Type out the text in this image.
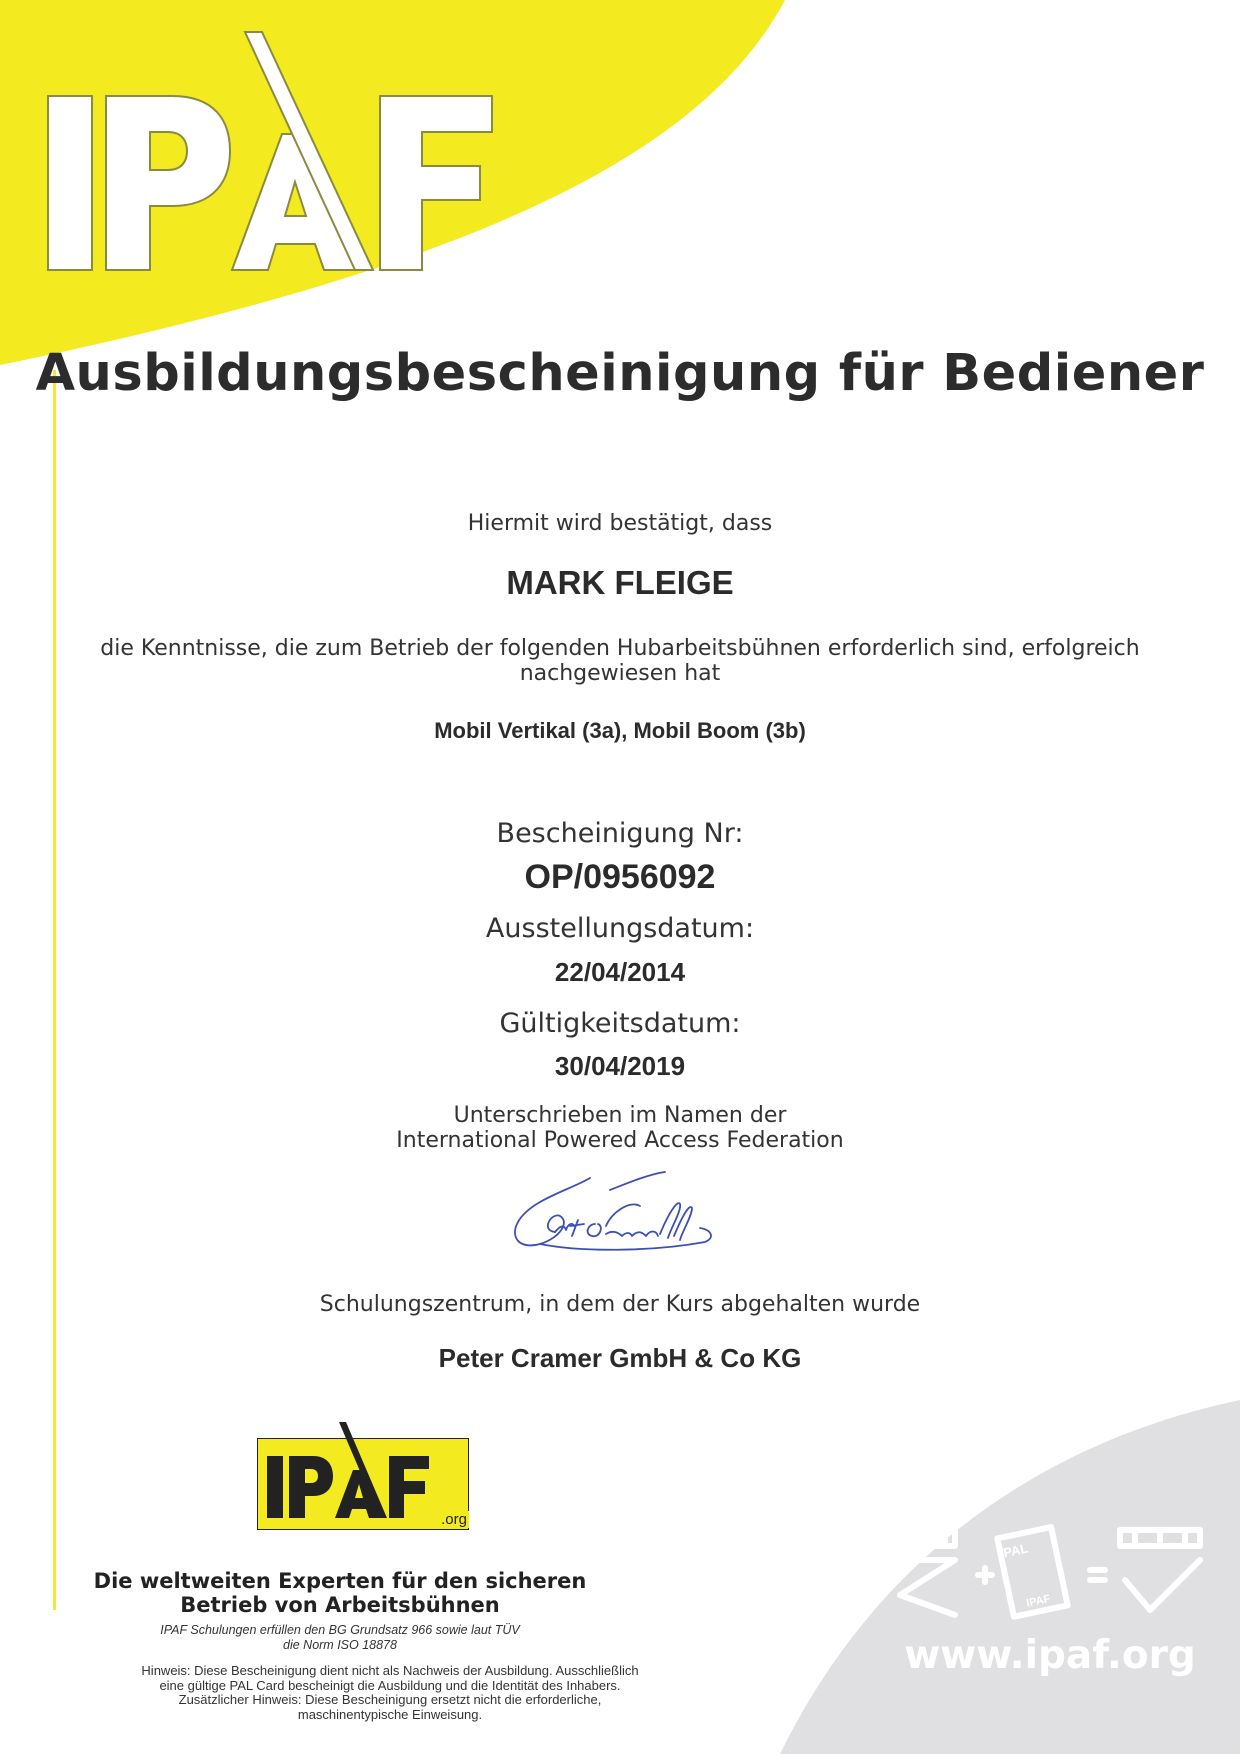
PAL
IPAF
Ausbildungsbescheinigung für Bediener
Hiermit wird bestätigt, dass
MARK FLEIGE
die Kenntnisse, die zum Betrieb der folgenden Hubarbeitsbühnen erforderlich sind, erfolgreich nachgewiesen hat
Mobil Vertikal (3a), Mobil Boom (3b)
Bescheinigung Nr:
OP/0956092
Ausstellungsdatum:
22/04/2014
Gültigkeitsdatum:
30/04/2019
Unterschrieben im Namen der
International Powered Access Federation
Schulungszentrum, in dem der Kurs abgehalten wurde
Peter Cramer GmbH & Co KG
.org
Die weltweiten Experten für den sicheren
Betrieb von Arbeitsbühnen
IPAF Schulungen erfüllen den BG Grundsatz 966 sowie laut TÜV
die Norm ISO 18878
Hinweis: Diese Bescheinigung dient nicht als Nachweis der Ausbildung. Ausschließlich
eine gültige PAL Card bescheinigt die Ausbildung und die Identität des Inhabers.
Zusätzlicher Hinweis: Diese Bescheinigung ersetzt nicht die erforderliche,
maschinentypische Einweisung.
www.ipaf.org
